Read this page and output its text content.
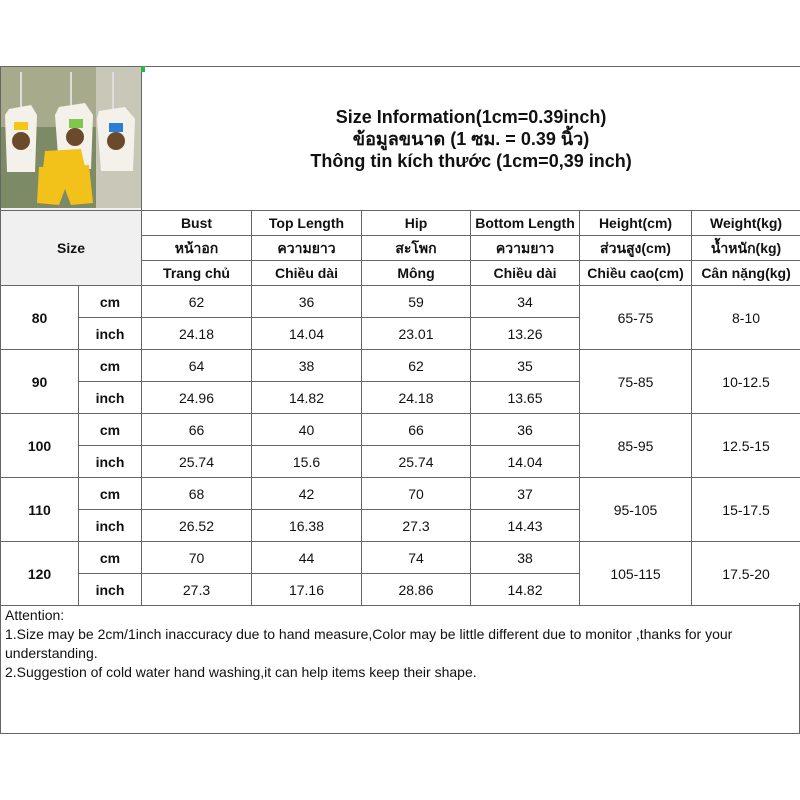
Size Information(1cm=0.39inch)
ข้อมูลขนาด (1 ซม. = 0.39 นิ้ว)
Thông tin kích thước (1cm=0,39 inch)					

Size		Bust	Top Length	Hip	Bottom Length	Height(cm)	Weight(kg)
		หน้าอก	ความยาว	สะโพก	ความยาว	ส่วนสูง(cm)	น้ำหนัก(kg)
		Trang chủ	Chiều dài	Mông	Chiều dài	Chiều cao(cm)	Cân nặng(kg)
80	cm	62	36	59	34	65-75	8-10
	inch	24.18	14.04	23.01	13.26		
90	cm	64	38	62	35	75-85	10-12.5
	inch	24.96	14.82	24.18	13.65		
100	cm	66	40	66	36	85-95	12.5-15
	inch	25.74	15.6	25.74	14.04		
110	cm	68	42	70	37	95-105	15-17.5
	inch	26.52	16.38	27.3	14.43		
120	cm	70	44	74	38	105-115	17.5-20
	inch	27.3	17.16	28.86	14.82		
Attention:
1.Size may be 2cm/1inch inaccuracy due to hand measure,Color may be little different due to monitor ,thanks for your understanding.
2.Suggestion of cold water hand washing,it can help items keep their shape.
